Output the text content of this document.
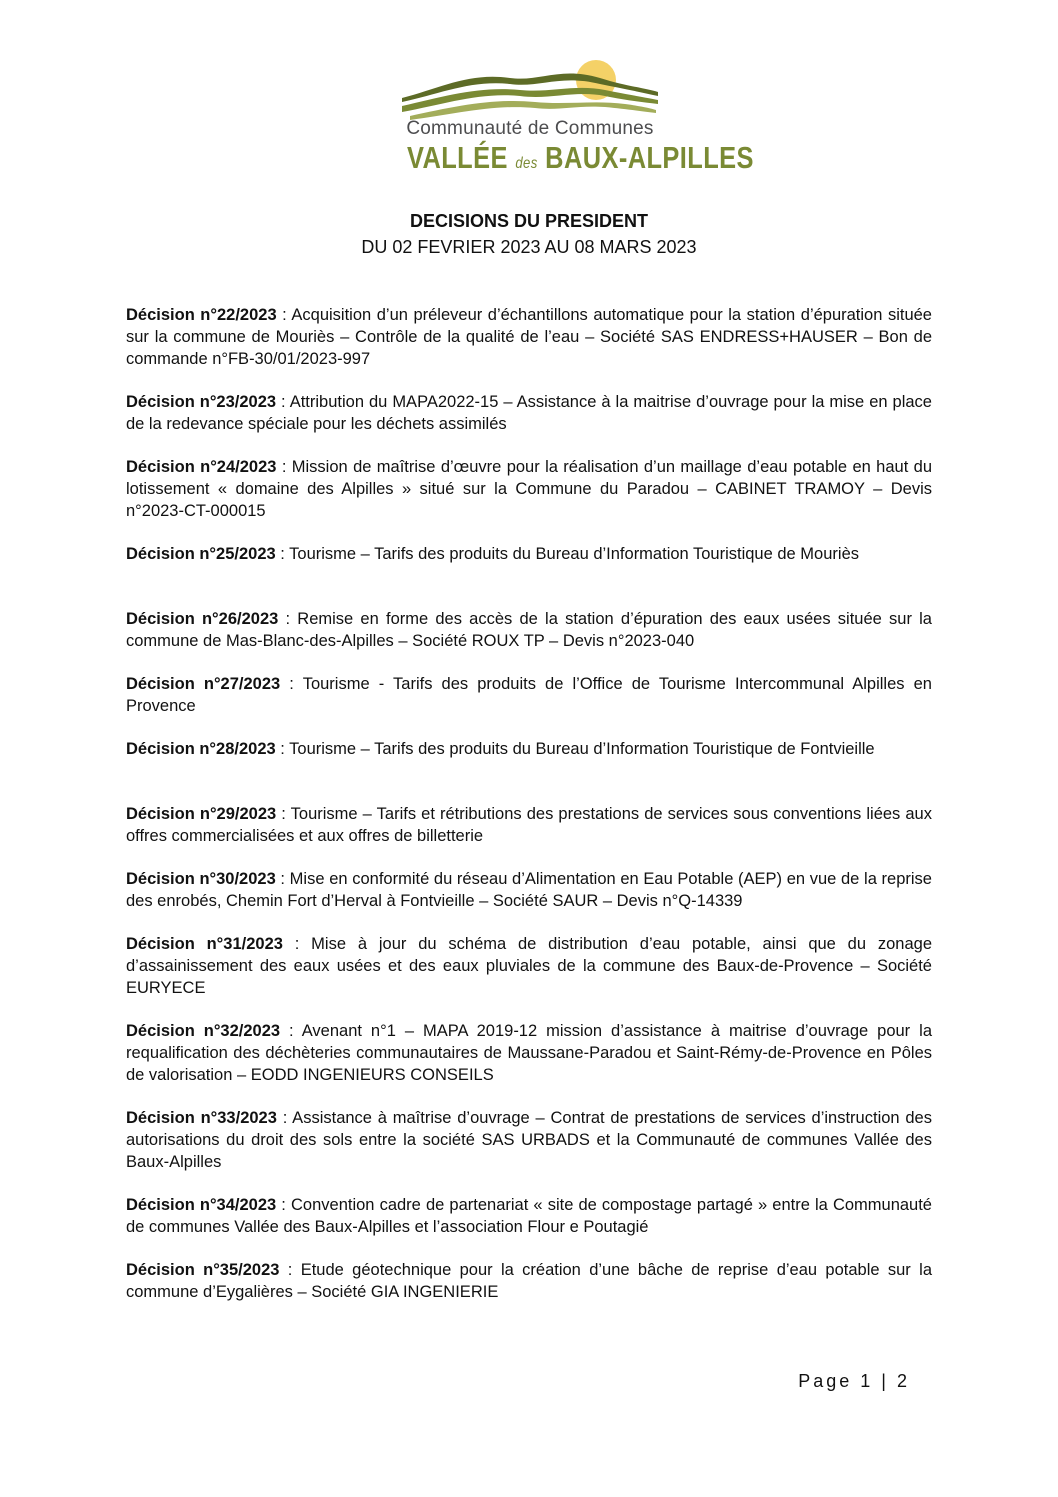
Communauté de Communes
VALLÉE des BAUX-ALPILLES
DECISIONS DU PRESIDENT
DU 02 FEVRIER 2023 AU 08 MARS 2023

Décision n°22/2023 : Acquisition d’un préleveur d’échantillons automatique pour la station d’épuration située sur la commune de Mouriès – Contrôle de la qualité de l’eau – Société SAS ENDRESS+HAUSER – Bon de commande n°FB-30/01/2023-997

Décision n°23/2023 : Attribution du MAPA2022-15 – Assistance à la maitrise d’ouvrage pour la mise en place de la redevance spéciale pour les déchets assimilés

Décision n°24/2023 : Mission de maîtrise d’œuvre pour la réalisation d’un maillage d’eau potable en haut du lotissement « domaine des Alpilles » situé sur la Commune du Paradou – CABINET TRAMOY – Devis n°2023-CT-000015

Décision n°25/2023 : Tourisme – Tarifs des produits du Bureau d’Information Touristique de Mouriès

Décision n°26/2023 : Remise en forme des accès de la station d’épuration des eaux usées située sur la commune de Mas-Blanc-des-Alpilles – Société ROUX TP – Devis n°2023-040

Décision n°27/2023 : Tourisme - Tarifs des produits de l’Office de Tourisme Intercommunal Alpilles en Provence

Décision n°28/2023 : Tourisme – Tarifs des produits du Bureau d’Information Touristique de Fontvieille

Décision n°29/2023 : Tourisme – Tarifs et rétributions des prestations de services sous conventions liées aux offres commercialisées et aux offres de billetterie

Décision n°30/2023 : Mise en conformité du réseau d’Alimentation en Eau Potable (AEP) en vue de la reprise des enrobés, Chemin Fort d’Herval à Fontvieille – Société SAUR – Devis n°Q-14339

Décision n°31/2023 : Mise à jour du schéma de distribution d’eau potable, ainsi que du zonage d’assainissement des eaux usées et des eaux pluviales de la commune des Baux-de-Provence – Société EURYECE

Décision n°32/2023 : Avenant n°1 – MAPA 2019-12 mission d’assistance à maitrise d’ouvrage pour la requalification des déchèteries communautaires de Maussane-Paradou et Saint-Rémy-de-Provence en Pôles de valorisation – EODD INGENIEURS CONSEILS

Décision n°33/2023 : Assistance à maîtrise d’ouvrage – Contrat de prestations de services d’instruction des autorisations du droit des sols entre la société SAS URBADS et la Communauté de communes Vallée des Baux-Alpilles

Décision n°34/2023 : Convention cadre de partenariat « site de compostage partagé » entre la Communauté de communes Vallée des Baux-Alpilles et l’association Flour e Poutagié

Décision n°35/2023 : Etude géotechnique pour la création d’une bâche de reprise d’eau potable sur la commune d’Eygalières – Société GIA INGENIERIE

Page 1 | 2
